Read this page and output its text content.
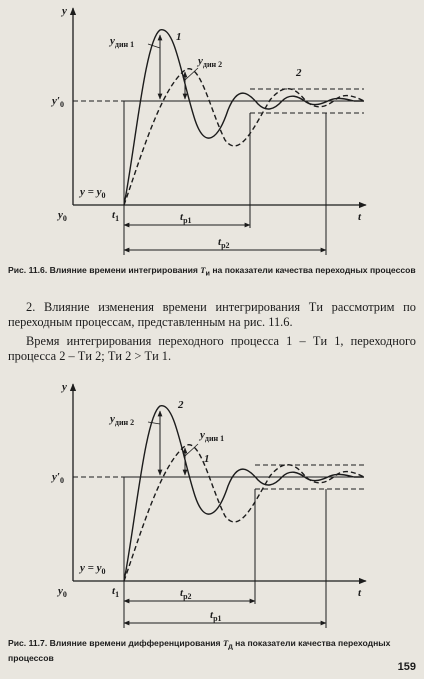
y
t
$y_0$
$y'_0$
$y = y_0$
$t_1$
1
2
$y_{дин 1}$
$y_{дин 2}$
$t_{р1}$
$t_{р2}$
Рис. 11.6. Влияние времени интегрирования $T_и$ на показатели качества переходных процессов
2. Влияние изменения времени интегрирования Tи рассмотрим по переходным процессам, представленным на рис. 11.6.
Время интегрирования переходного процесса 1 – Tи 1, переходного процесса 2 – Tи 2; Tи 2 > Tи 1.
y
t
$y_0$
$y'_0$
$y = y_0$
$t_1$
1
2
$y_{дин 1}$
$y_{дин 2}$
$t_{р2}$
$t_{р1}$
Рис. 11.7. Влияние времени дифференцирования $T_д$ на показатели качества переходных процессов
159
